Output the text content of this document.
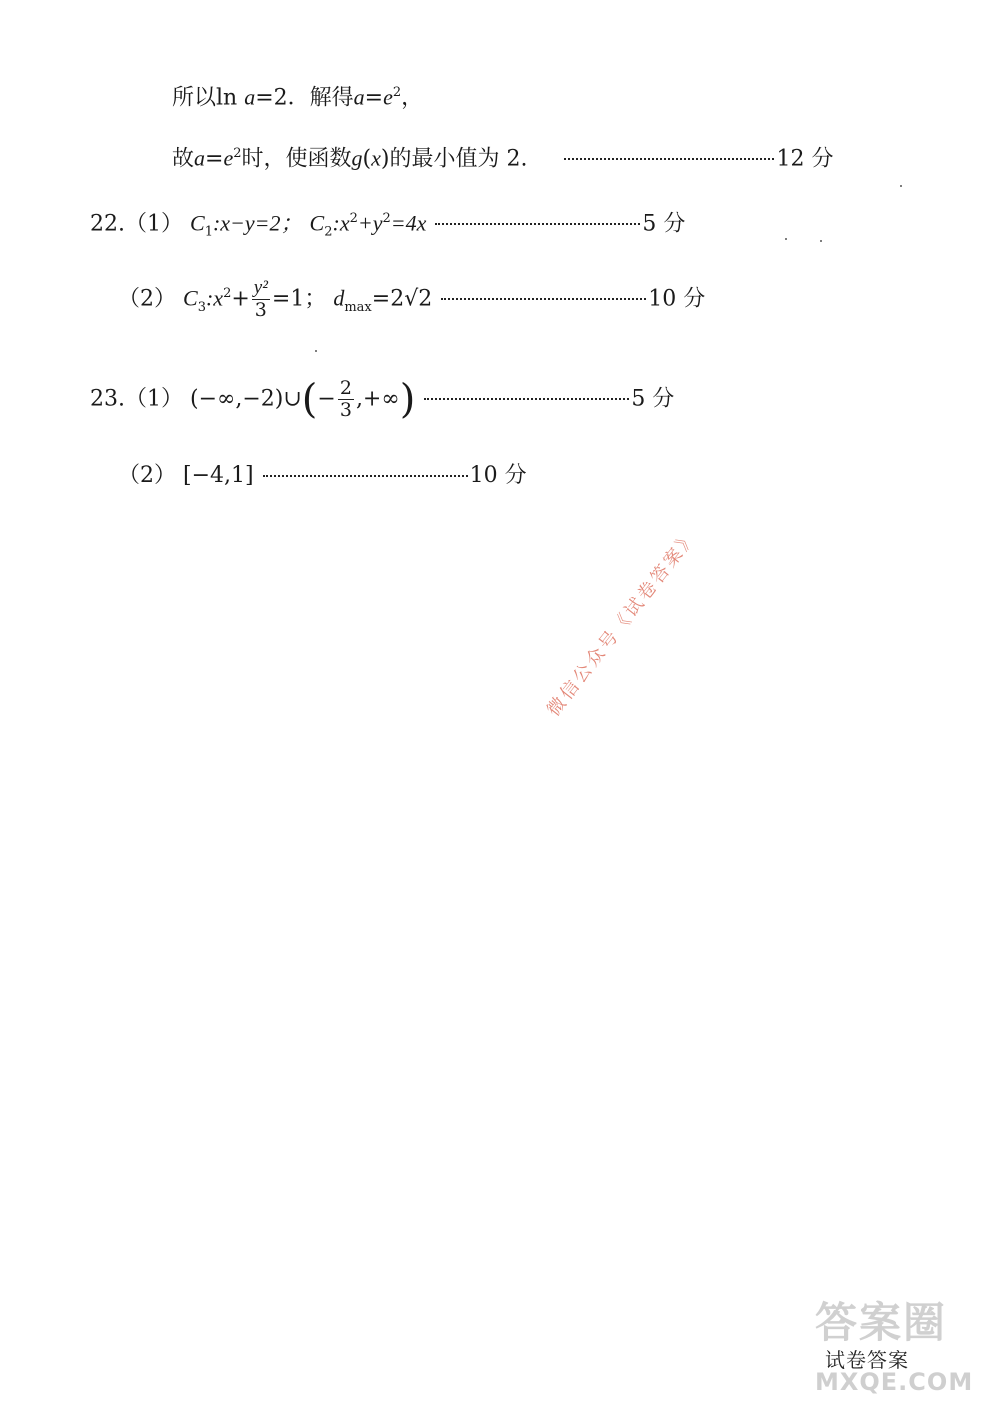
所以ln a=2．解得$a=e^2$，
故$a=e^2$时，使函数g(x)的最小值为 2.	12 分
22.（1） $C_1:x-y=2$； $C_2:x^2+y^2=4x$	5 分
（2） $C_3:x^2+ \frac{\text{y²}}{3} =1$； $d_{max}=2√2$	10 分
23.（1） (−∞,−2)∪(− $\frac{2}{3}$ ,+∞)	5 分
（2） [−4,1]	10 分
微信公众号《试卷答案》
答案圈
试卷答案
MXQE.COM
